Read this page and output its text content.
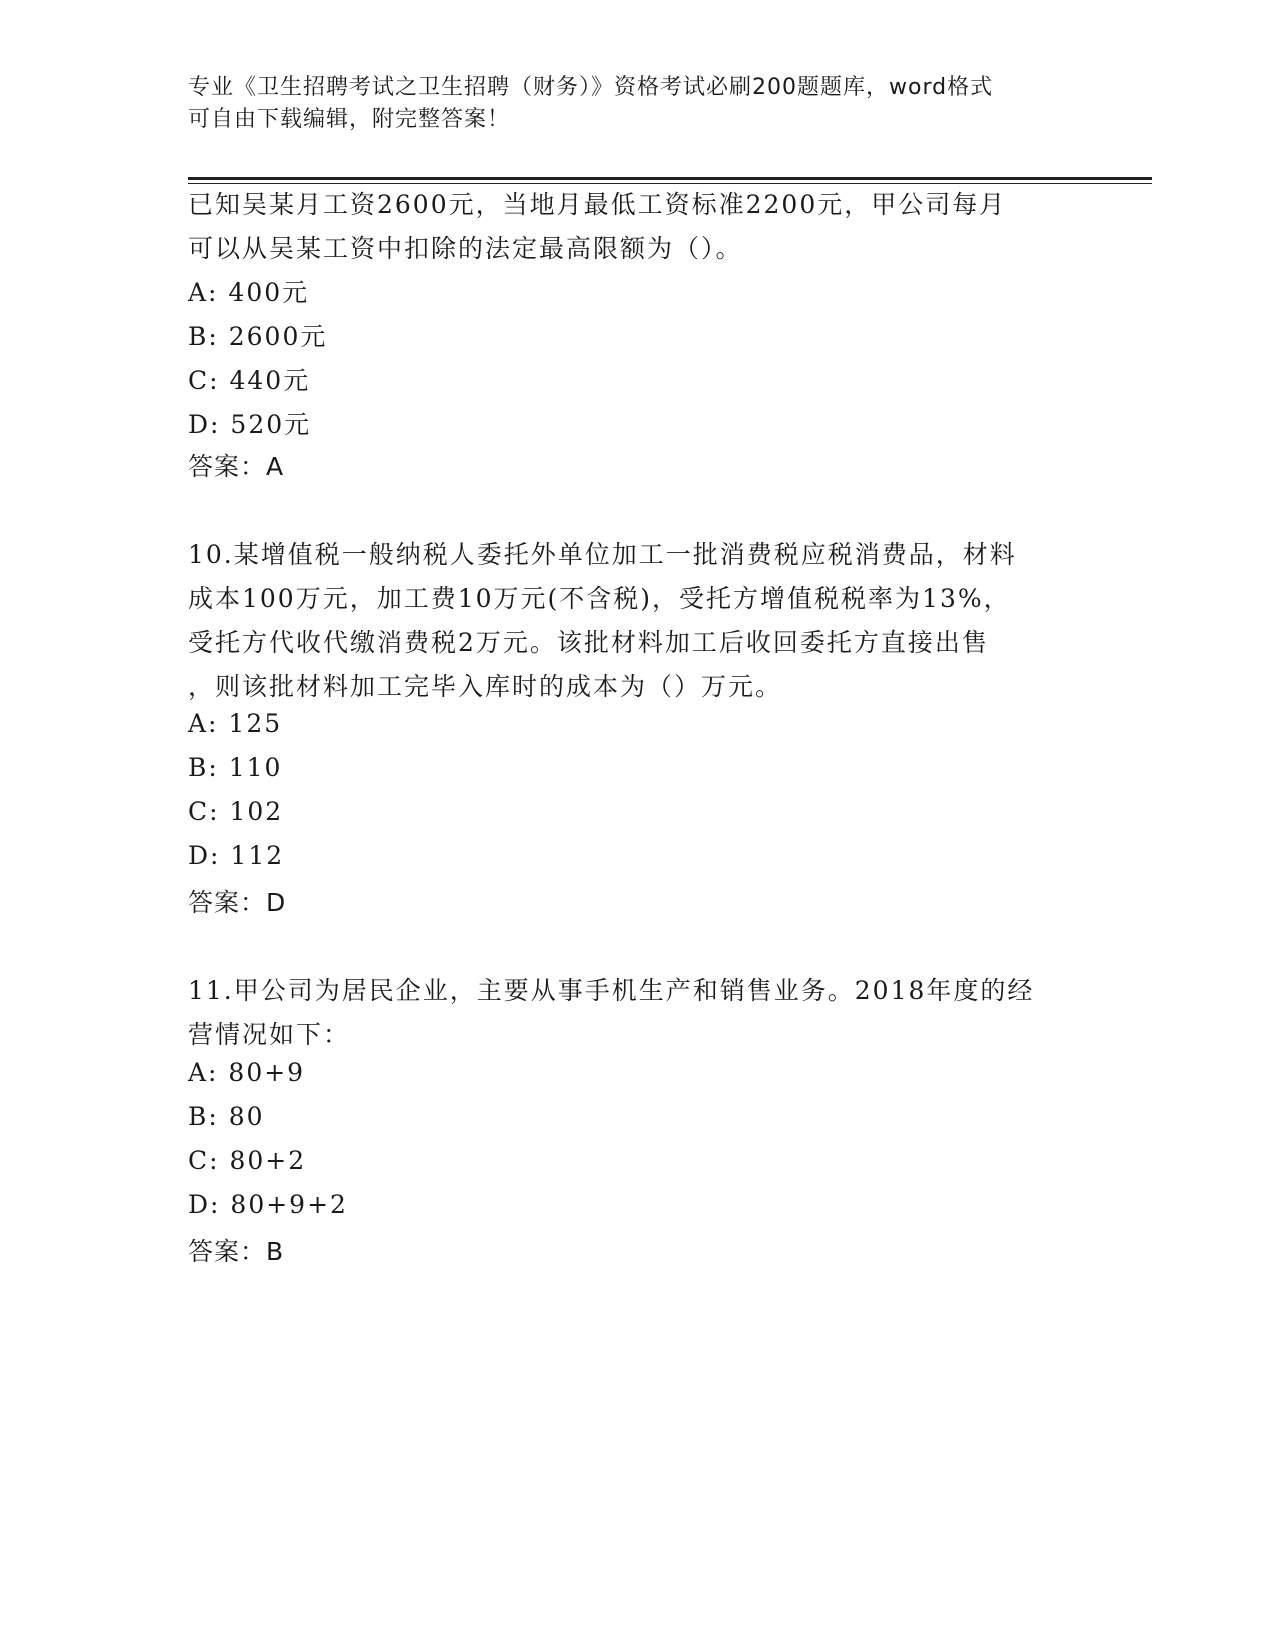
专业《卫生招聘考试之卫生招聘（财务）》资格考试必刷200题题库，word格式
可自由下载编辑，附完整答案！
已知吴某月工资2600元，当地月最低工资标准2200元，甲公司每月
可以从吴某工资中扣除的法定最高限额为（）。
A: 400元
B: 2600元
C: 440元
D: 520元
答案：A
10.某增值税一般纳税人委托外单位加工一批消费税应税消费品，材料
成本100万元，加工费10万元(不含税)，受托方增值税税率为13%，
受托方代收代缴消费税2万元。该批材料加工后收回委托方直接出售
，则该批材料加工完毕入库时的成本为（）万元。
A: 125
B: 110
C: 102
D: 112
答案：D
11.甲公司为居民企业，主要从事手机生产和销售业务。2018年度的经
营情况如下：
A: 80+9
B: 80
C: 80+2
D: 80+9+2
答案：B
